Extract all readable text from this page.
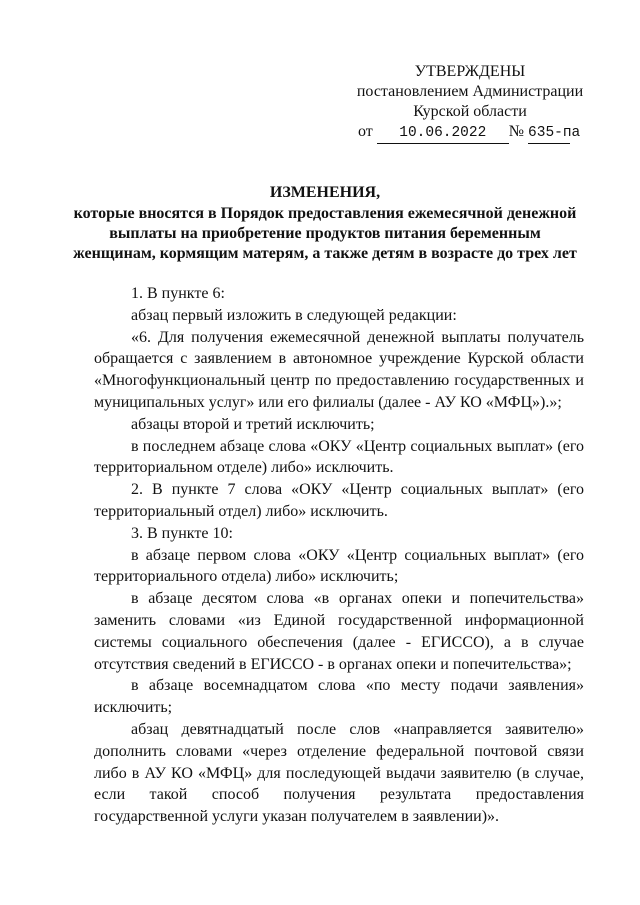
УТВЕРЖДЕНЫ
постановлением Администрации
Курской области
от 10.06.2022 № 635-па
ИЗМЕНЕНИЯ,
которые вносятся в Порядок предоставления ежемесячной денежной
выплаты на приобретение продуктов питания беременным
женщинам, кормящим матерям, а также детям в возрасте до трех лет

1. В пункте 6:

абзац первый изложить в следующей редакции:

«6. Для получения ежемесячной денежной выплаты получатель обращается с заявлением в автономное учреждение Курской области «Многофункциональный центр по предоставлению государственных и муниципальных услуг» или его филиалы (далее - АУ КО «МФЦ»).»;

абзацы второй и третий исключить;

в последнем абзаце слова «ОКУ «Центр социальных выплат» (его территориальном отделе) либо» исключить.

2. В пункте 7 слова «ОКУ «Центр социальных выплат» (его территориальный отдел) либо» исключить.

3. В пункте 10:

в абзаце первом слова «ОКУ «Центр социальных выплат» (его территориального отдела) либо» исключить;

в абзаце десятом слова «в органах опеки и попечительства» заменить словами «из Единой государственной информационной системы социального обеспечения (далее - ЕГИССО), а в случае отсутствия сведений в ЕГИССО - в органах опеки и попечительства»;

в абзаце восемнадцатом слова «по месту подачи заявления» исключить;

абзац девятнадцатый после слов «направляется заявителю» дополнить словами «через отделение федеральной почтовой связи либо в АУ КО «МФЦ» для последующей выдачи заявителю (в случае, если такой способ получения результата предоставления государственной услуги указан получателем в заявлении)».
